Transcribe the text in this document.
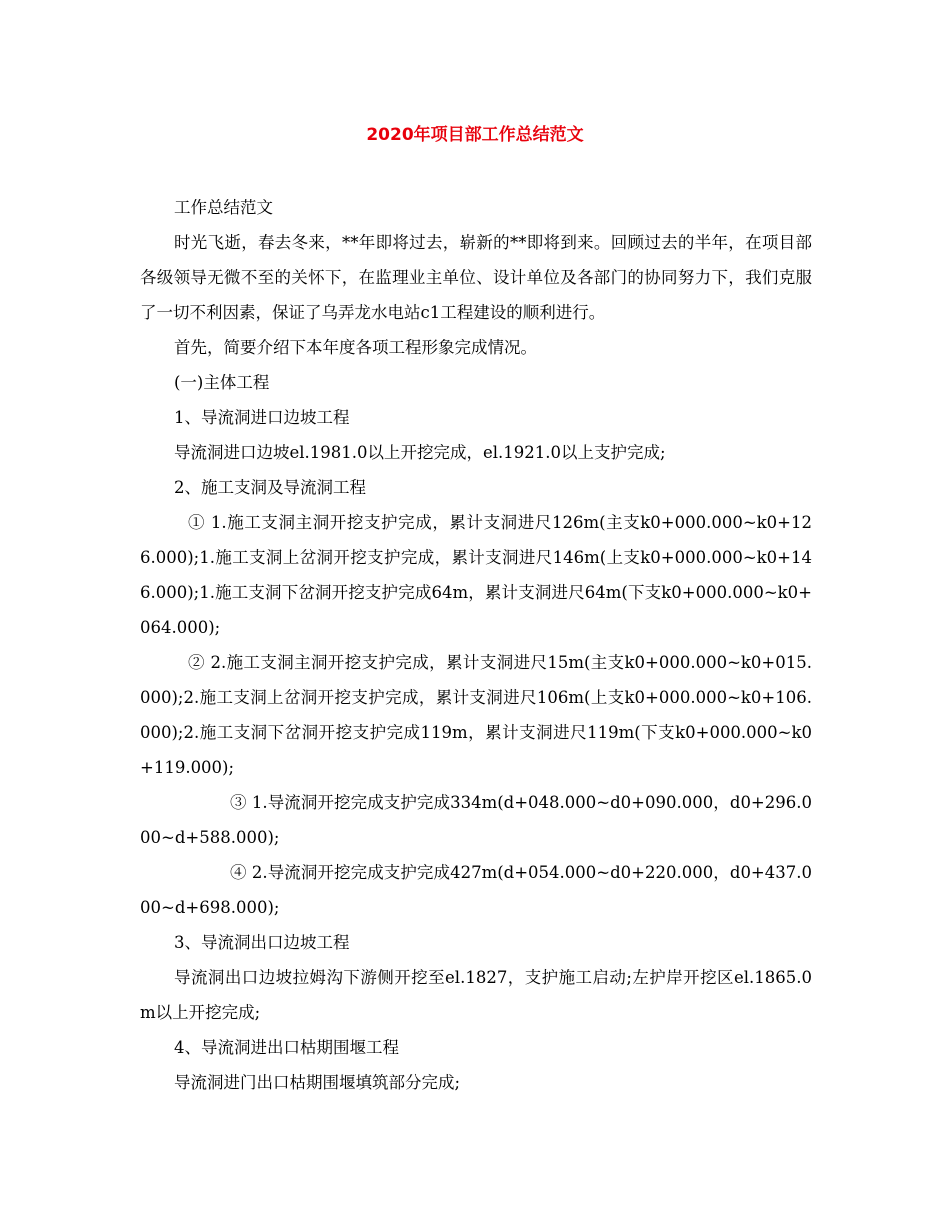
2020年项目部工作总结范文

工作总结范文

时光飞逝，春去冬来，**年即将过去，崭新的**即将到来。回顾过去的半年，在项目部各级领导无微不至的关怀下，在监理业主单位、设计单位及各部门的协同努力下，我们克服了一切不利因素，保证了乌弄龙水电站c1工程建设的顺利进行。

首先，简要介绍下本年度各项工程形象完成情况。

(一)主体工程

1、导流洞进口边坡工程

导流洞进口边坡el.1981.0以上开挖完成，el.1921.0以上支护完成;

2、施工支洞及导流洞工程

① 1.施工支洞主洞开挖支护完成，累计支洞进尺126m(主支k0+000.000~k0+126.000);1.施工支洞上岔洞开挖支护完成，累计支洞进尺146m(上支k0+000.000~k0+146.000);1.施工支洞下岔洞开挖支护完成64m，累计支洞进尺64m(下支k0+000.000~k0+064.000);

② 2.施工支洞主洞开挖支护完成，累计支洞进尺15m(主支k0+000.000~k0+015.000);2.施工支洞上岔洞开挖支护完成，累计支洞进尺106m(上支k0+000.000~k0+106.000);2.施工支洞下岔洞开挖支护完成119m，累计支洞进尺119m(下支k0+000.000~k0+119.000);

③ 1.导流洞开挖完成支护完成334m(d+048.000~d0+090.000，d0+296.000~d+588.000);

④ 2.导流洞开挖完成支护完成427m(d+054.000~d0+220.000，d0+437.000~d+698.000);

3、导流洞出口边坡工程

导流洞出口边坡拉姆沟下游侧开挖至el.1827，支护施工启动;左护岸开挖区el.1865.0m以上开挖完成;

4、导流洞进出口枯期围堰工程

导流洞进门出口枯期围堰填筑部分完成;
